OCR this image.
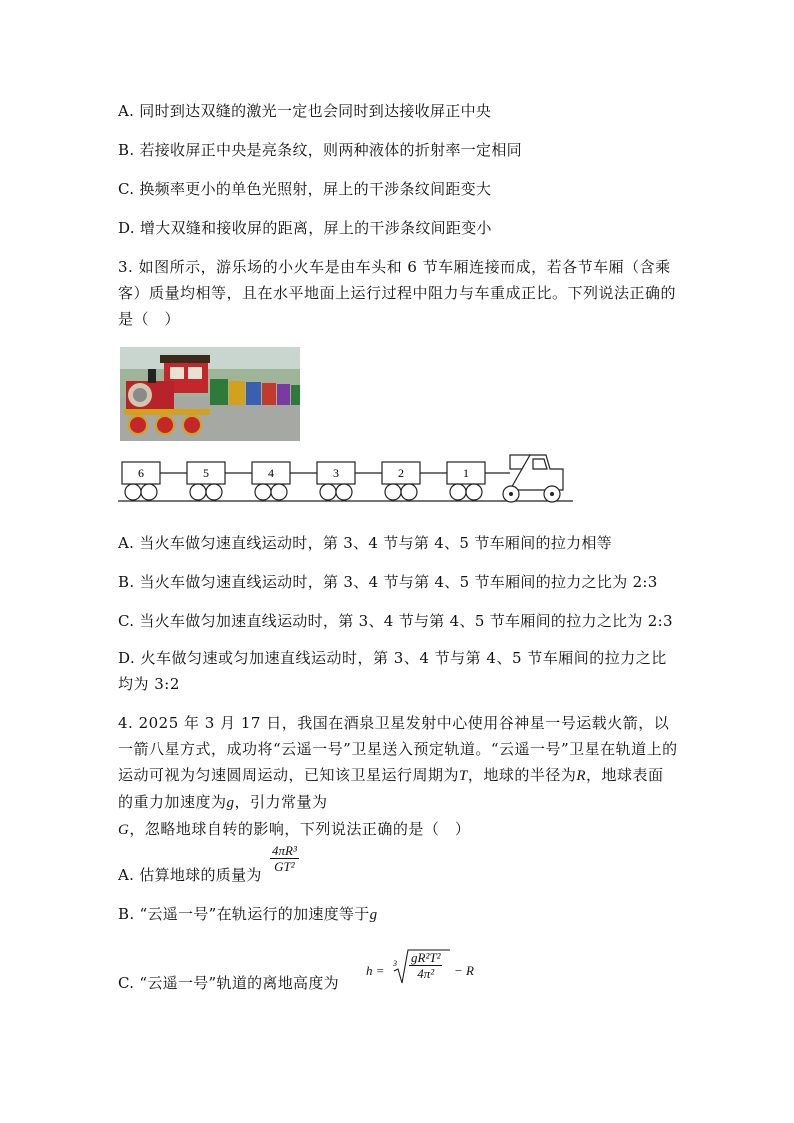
A. 同时到达双缝的激光一定也会同时到达接收屏正中央
B. 若接收屏正中央是亮条纹，则两种液体的折射率一定相同
C. 换频率更小的单色光照射，屏上的干涉条纹间距变大
D. 增大双缝和接收屏的距离，屏上的干涉条纹间距变小
3. 如图所示，游乐场的小火车是由车头和 6 节车厢连接而成，若各节车厢（含乘客）质量均相等，且在水平地面上运行过程中阻力与车重成正比。下列说法正确的是（　）
6	5	4	3	2	1
A. 当火车做匀速直线运动时，第 3、4 节与第 4、5 节车厢间的拉力相等
B. 当火车做匀速直线运动时，第 3、4 节与第 4、5 节车厢间的拉力之比为 2:3
C. 当火车做匀加速直线运动时，第 3、4 节与第 4、5 节车厢间的拉力之比为 2:3
D. 火车做匀速或匀加速直线运动时，第 3、4 节与第 4、5 节车厢间的拉力之比均为 3:2
4. 2025 年 3 月 17 日，我国在酒泉卫星发射中心使用谷神星一号运载火箭，以一箭八星方式，成功将“云遥一号”卫星送入预定轨道。“云遥一号”卫星在轨道上的运动可视为匀速圆周运动，已知该卫星运行周期为T，地球的半径为R，地球表面的重力加速度为g，引力常量为G，忽略地球自转的影响，下列说法正确的是（　）
A. 估算地球的质量为
$\frac{\text{4πR³}}{\text{GT²}}$
B. “云遥一号”在轨运行的加速度等于g
C. “云遥一号”轨道的离地高度为
$h = 3 \frac{\text{gR²T²}}{\text{4π²}} - R$
